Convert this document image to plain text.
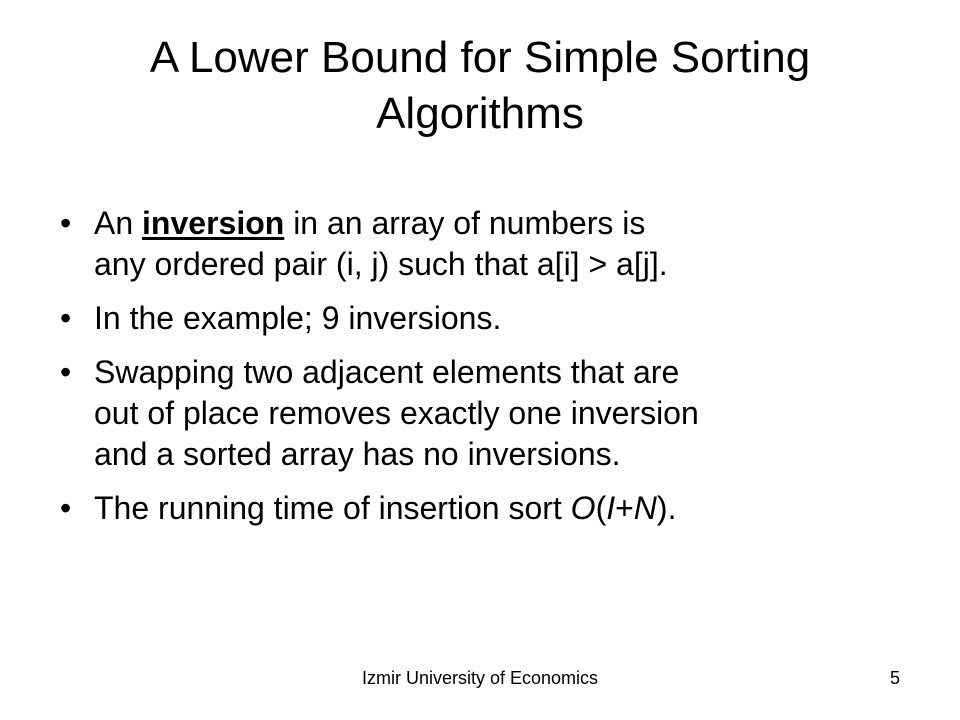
A Lower Bound for Simple Sorting
Algorithms
• An inversion in an array of numbers is
any ordered pair (i, j) such that a[i] > a[j].
• In the example; 9 inversions.
• Swapping two adjacent elements that are
out of place removes exactly one inversion
and a sorted array has no inversions.
• The running time of insertion sort O(I+N).
Izmir University of Economics	5
